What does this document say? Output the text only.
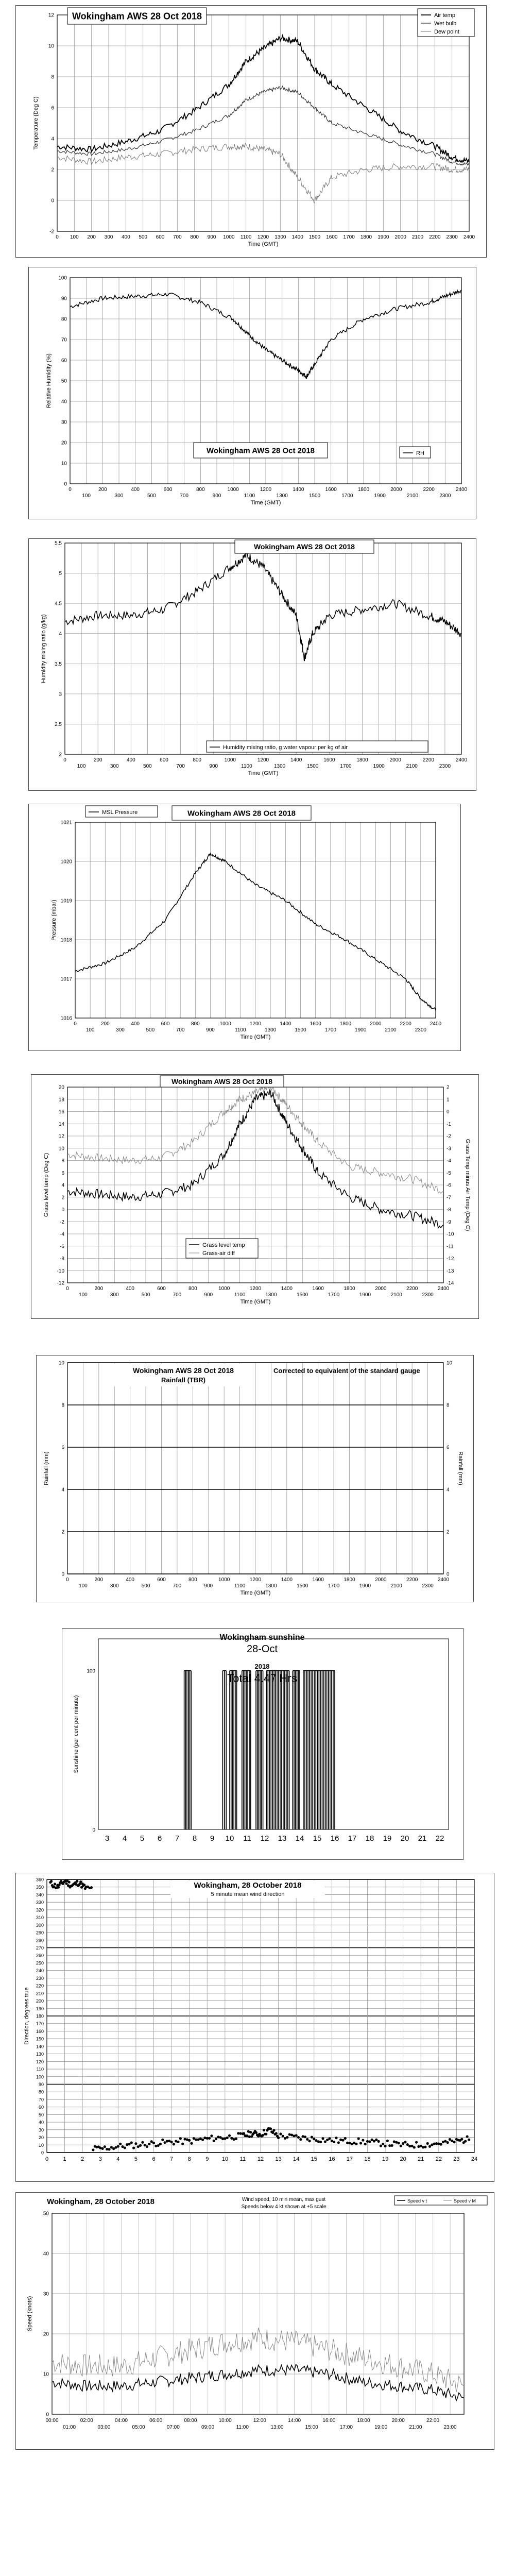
0 100 200 300 400 500 600 700 800 900 1000 1100 1200 1300 1400 1500 1600 1700 1800 1900 2000 2100 2200 2300 2400
-2
0
2
4
6
8
10
12
Time (GMT)
Temperature (Deg C)
Wokingham AWS 28 Oct 2018	Air temp
Wet bulb
Dew point
0
100
200
300
400
500
600
700
800
900
1000
1100
1200
1300
1400
1500
1600
1700
1800
1900
2000
2100
2200
2300
2400
0
10
20
30
40
50
60
70
80
90
100
Time (GMT)
Relative Humidity (%)
Wokingham AWS 28 Oct 2018	RH
0
100
200
300
400
500
600
700
800
900
1000
1100
1200
1300
1400
1500
1600
1700
1800
1900
2000
2100
2200
2300
2400
2
2.5
3
3.5
4
4.5
5
5.5
Time (GMT)
Humidity mixing ratio (g/kg)
Wokingham AWS 28 Oct 2018
Humidity mixing ratio, g water vapour per kg of air
0
100
200
300
400
500
600
700
800
900
1000
1100
1200
1300
1400
1500
1600
1700
1800
1900
2000
2100
2200
2300
2400
1016
1017
1018
1019
1020
1021
Time (GMT)
Pressure (mbar)
MSL Pressure	Wokingham AWS 28 Oct 2018
0
100
200
300
400
500
600
700
800
900
1000
1100
1200
1300
1400
1500
1600
1700
1800
1900
2000
2100
2200
2300
2400
-12
-10
-8
-6
-4
-2
0
2
4
6
8
10
12
14
16
18
20
Time (GMT)
Grass level temp (Deg C)
-14
-13
-12
-11
-10
-9
-8
-7
-6
-5
-4
-3
-2
-1
0
1
2
Grass Temp minus Air Temp (Deg C)
Wokingham AWS 28 Oct 2018
Grass level temp
Grass-air diff
0
100
200
300
400
500
600
700
800
900
1000
1100
1200
1300
1400
1500
1600
1700
1800
1900
2000
2100
2200
2300
2400
0
2
4
6
8
10
Time (GMT)
Rainfall (mm)
0
2
4
6
8
10
Rainfall (mm)
Wokingham AWS 28 Oct 2018
Rainfall (TBR)
Corrected to equivalent of the standard gauge
3 4 5 6 7 8 9 10 11 12 13 14 15 16 17 18 19 20 21 22
0
100
Sunshine (per cent per minute)
Wokingham sunshine
28-Oct
2018
Total 4.47 Hrs
0
10
20
30
40
50
60
70
80
90
100
110
120
130
140
150
160
170
180
190
200
210
220
230
240
250
260
270
280
290
300
310
320
330
340
350
360
0	1	2	3	4	5	6	7	8	9 10 11 12 13 14 15 16 17 18 19 20 21 22 23 24
Direction, degrees true
Wokingham, 28 October 2018
5 minute mean wind direction
0
10
20
30
40
50
00:00
01:00
02:00
03:00
04:00
05:00
06:00
07:00
08:00
09:00
10:00
11:00
12:00
13:00
14:00
15:00
16:00
17:00
18:00
19:00
20:00
21:00
22:00
23:00
Speed (knots)
Wokingham, 28 October 2018	Wind speed, 10 min mean, max gust
Speeds below 4 kt shown at +5 scale
Speed v t	Speed v M
